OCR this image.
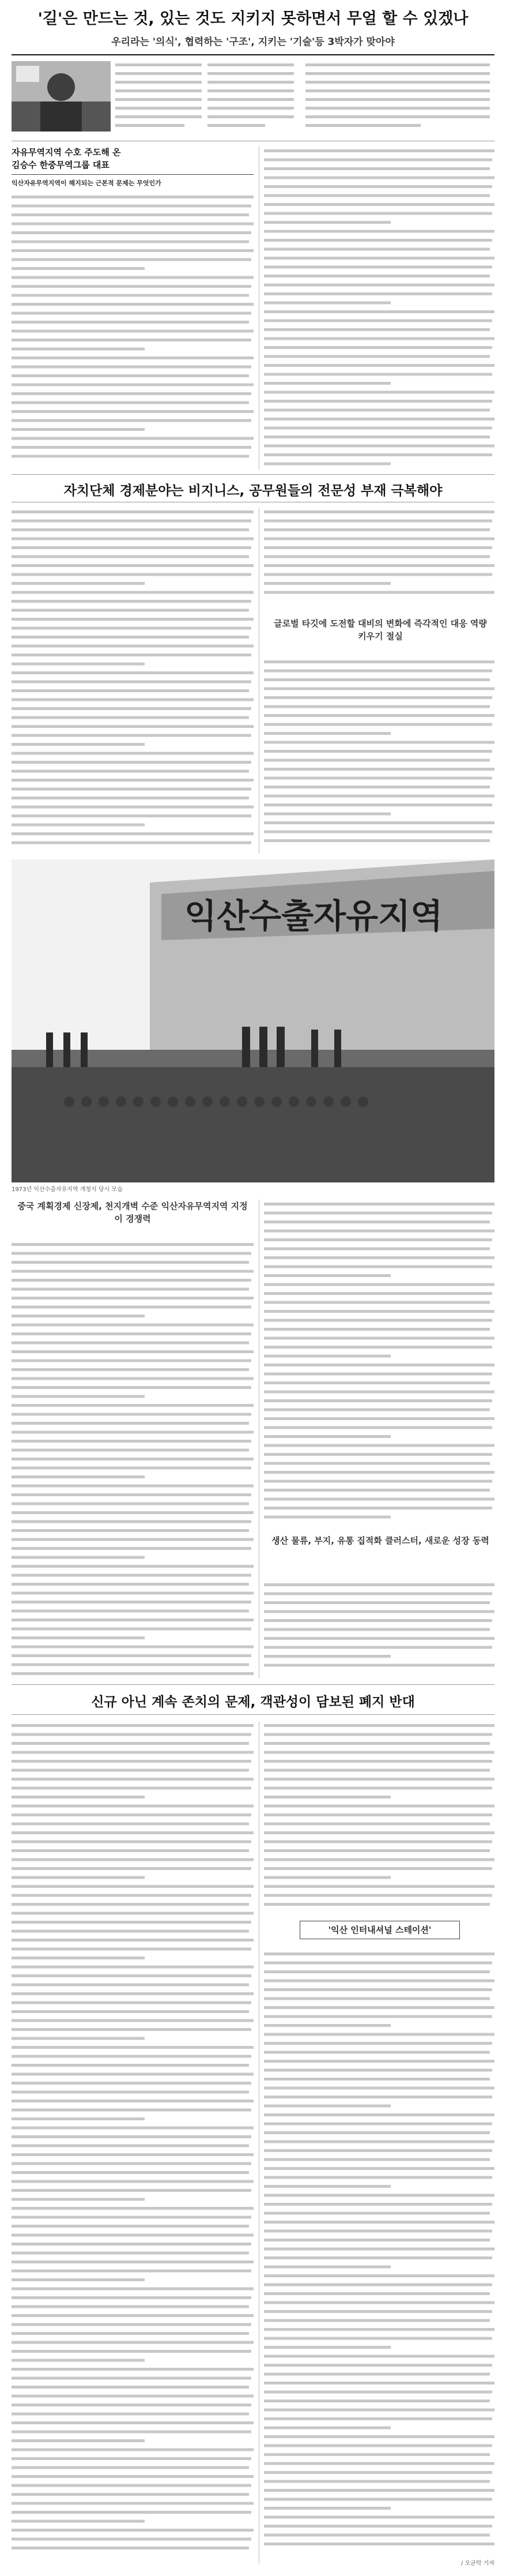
'길'은 만드는 것, 있는 것도 지키지 못하면서 무얼 할 수 있겠나
우리라는 '의식', 협력하는 '구조', 지키는 '기술'등 3박자가 맞아야
자유무역지역 수호 주도해 온
김승수 한중무역그룹 대표
익산자유무역지역이 해지되는 근본적 문제는 무엇인가
자치단체 경제분야는 비지니스, 공무원들의 전문성 부재 극복해야
글로벌 타깃에 도전할 대비의 변화에 즉각적인 대응 역량 키우기 절실
익산수출자유지역
1973년 익산수출자유지역 개청식 당시 모습
중국 계획경제 신장제, 천지개벽 수준 익산자유무역지역 지정이 경쟁력
생산 물류, 부지, 유통 집적화 클러스터, 새로운 성장 동력
신규 아닌 계속 존치의 문제, 객관성이 담보된 폐지 반대
'익산 인터내셔널 스테이션'
/ 오균탁 기자
